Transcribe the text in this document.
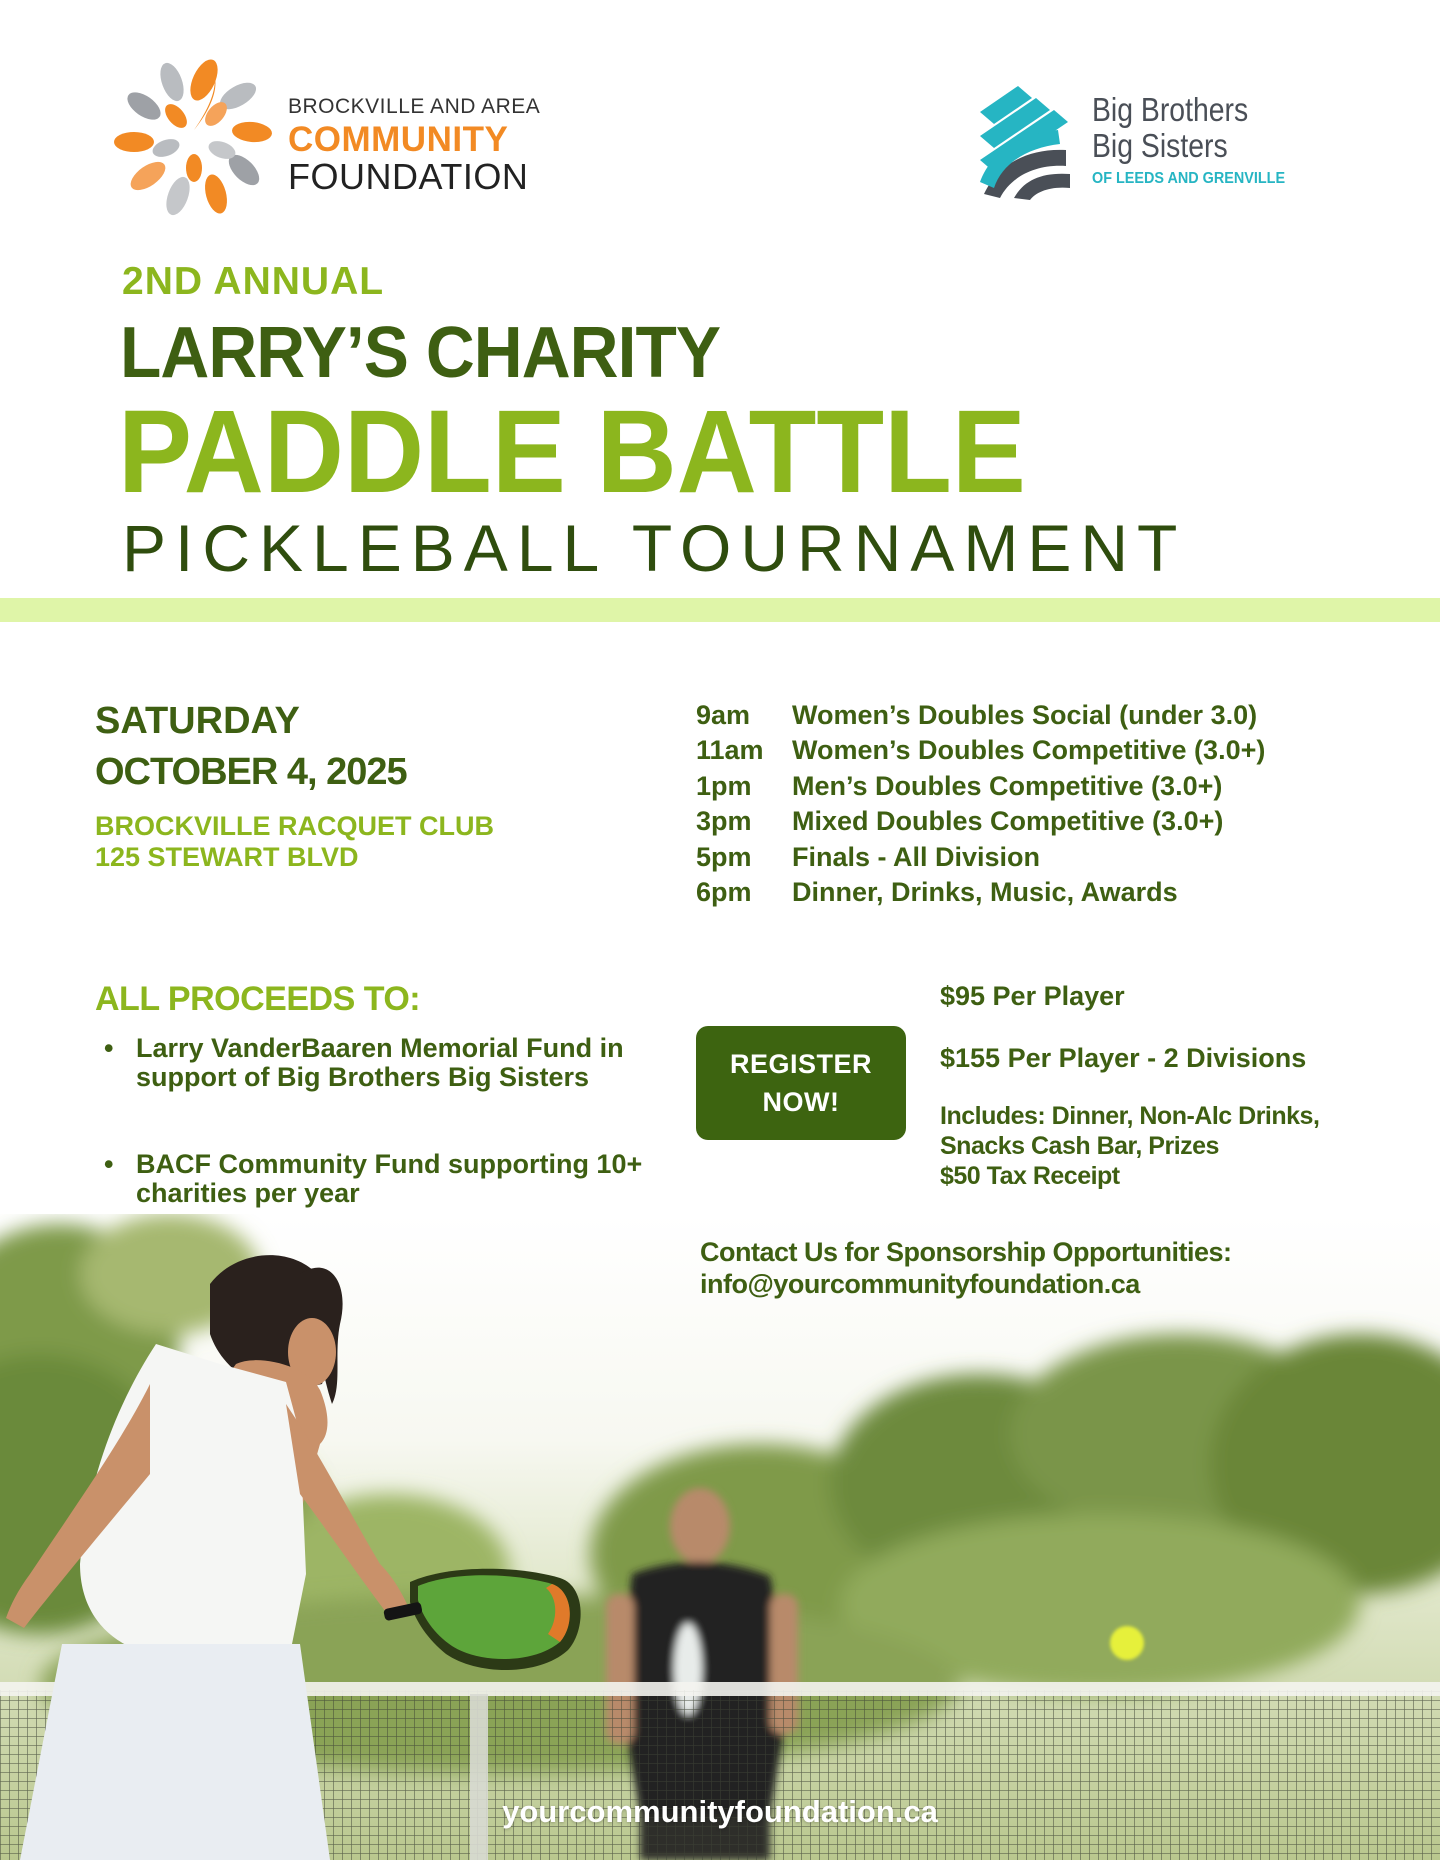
BROCKVILLE AND AREA
COMMUNITY
FOUNDATION
Big Brothers
Big Sisters
OF LEEDS AND GRENVILLE
2ND ANNUAL
LARRY’S CHARITY
PADDLE BATTLE
PICKLEBALL TOURNAMENT
SATURDAY
OCTOBER 4, 2025
BROCKVILLE RACQUET CLUB
125 STEWART BLVD
9am Women’s Doubles Social (under 3.0)
11am Women’s Doubles Competitive (3.0+)
1pm Men’s Doubles Competitive (3.0+)
3pm Mixed Doubles Competitive (3.0+)
5pm Finals - All Division
6pm Dinner, Drinks, Music, Awards
ALL PROCEEDS TO:
• Larry VanderBaaren Memorial Fund in support of Big Brothers Big Sisters
• BACF Community Fund supporting 10+ charities per year
REGISTER NOW!
$95 Per Player
$155 Per Player - 2 Divisions
Includes: Dinner, Non-Alc Drinks,
Snacks Cash Bar, Prizes
$50 Tax Receipt
Contact Us for Sponsorship Opportunities:
info@yourcommunityfoundation.ca
yourcommunityfoundation.ca
